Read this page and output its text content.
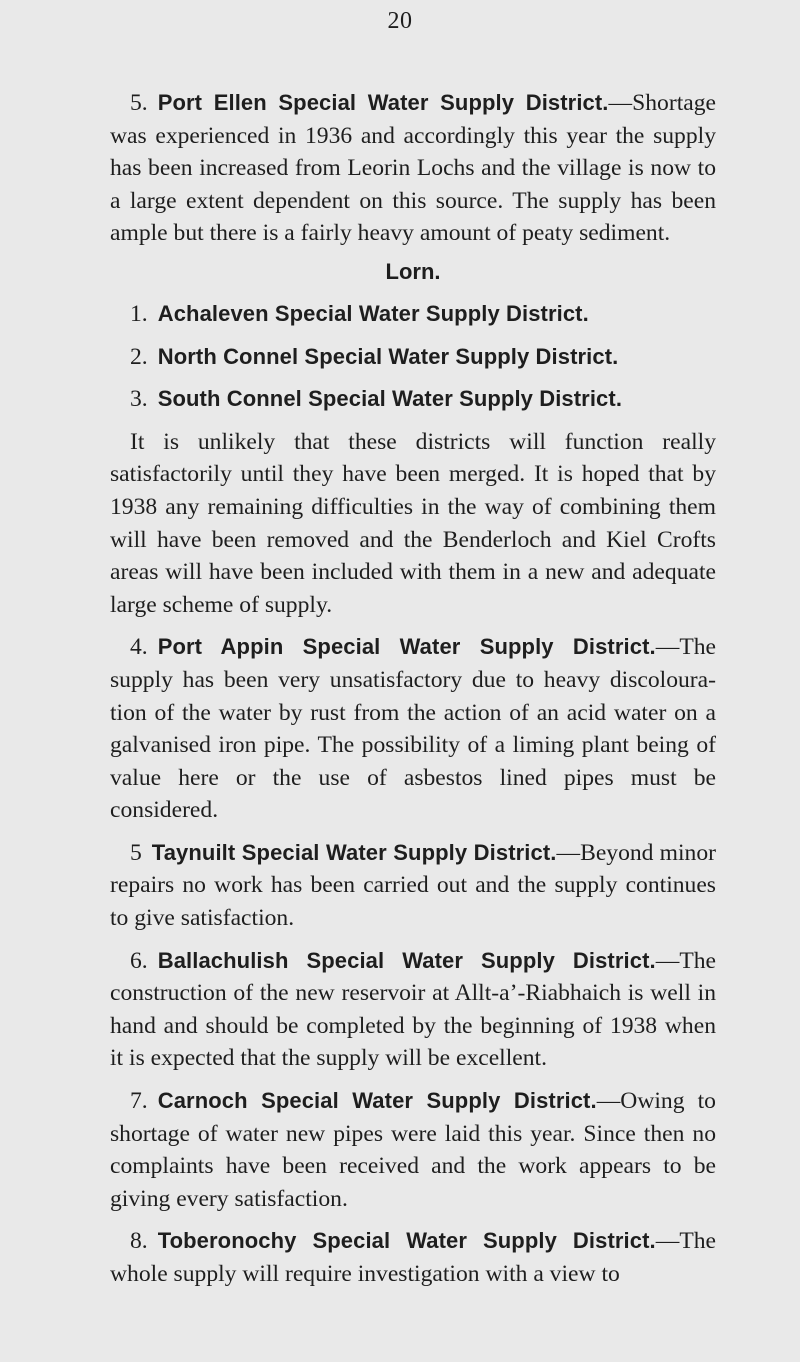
20

5. Port Ellen Special Water Supply District.—Shortage was experienced in 1936 and accordingly this year the supply has been increased from Leorin Lochs and the village is now to a large extent dependent on this source. The supply has been ample but there is a fairly heavy amount of peaty sediment.

Lorn.

1. Achaleven Special Water Supply District.

2. North Connel Special Water Supply District.

3. South Connel Special Water Supply District.

It is unlikely that these districts will function really satisfactorily until they have been merged. It is hoped that by 1938 any remaining difficulties in the way of combining them will have been removed and the Benderloch and Kiel Crofts areas will have been included with them in a new and adequate large scheme of supply.

4. Port Appin Special Water Supply District.—The supply has been very unsatisfactory due to heavy discoloura-tion of the water by rust from the action of an acid water on a galvanised iron pipe. The possibility of a liming plant being of value here or the use of asbestos lined pipes must be considered.

5 Taynuilt Special Water Supply District.—Beyond minor repairs no work has been carried out and the supply continues to give satisfaction.

6. Ballachulish Special Water Supply District.—The construction of the new reservoir at Allt-a’-Riabhaich is well in hand and should be completed by the beginning of 1938 when it is expected that the supply will be excellent.

7. Carnoch Special Water Supply District.—Owing to shortage of water new pipes were laid this year. Since then no complaints have been received and the work appears to be giving every satisfaction.

8. Toberonochy Special Water Supply District.—The whole supply will require investigation with a view to
